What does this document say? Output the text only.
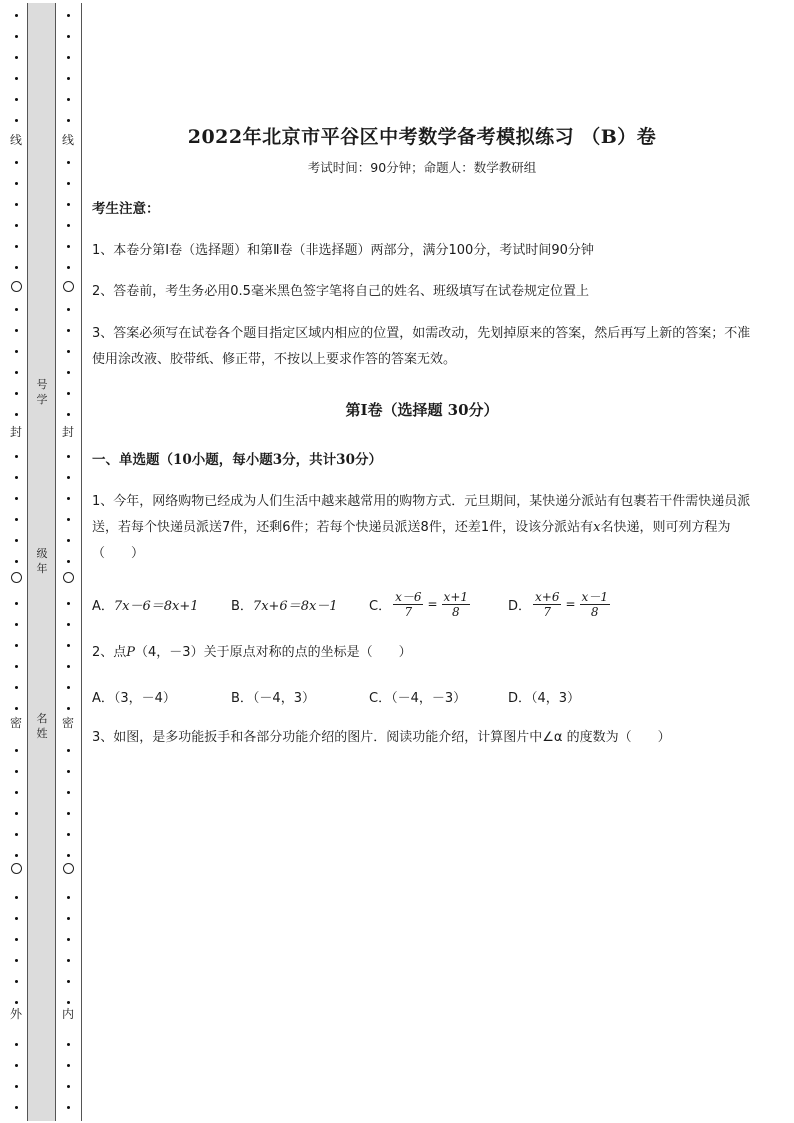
线
封
密
外
号学
级年
名姓
线
封
密
内
2022年北京市平谷区中考数学备考模拟练习 （B）卷
考试时间：90分钟；命题人：数学教研组
考生注意：
1、本卷分第Ⅰ卷（选择题）和第Ⅱ卷（非选择题）两部分，满分100分，考试时间90分钟
2、答卷前，考生务必用0.5毫米黑色签字笔将自己的姓名、班级填写在试卷规定位置上
3、答案必须写在试卷各个题目指定区域内相应的位置，如需改动，先划掉原来的答案，然后再写上新的答案；不准使用涂改液、胶带纸、修正带，不按以上要求作答的答案无效。
第Ⅰ卷（选择题 30分）
一、单选题（10小题，每小题3分，共计30分）
1、今年，网络购物已经成为人们生活中越来越常用的购物方式．元旦期间，某快递分派站有包裹若干件需快递员派送，若每个快递员派送7件，还剩6件；若每个快递员派送8件，还差1件，设该分派站有x名快递，则可列方程为（　　）
A． 7x－6＝8x+1 B． 7x+6＝8x－1 C． $\frac{x-6}{7} = \frac{x+1}{8}$	D． $\frac{x+6}{7} = \frac{x-1}{8}$
2、点P（4，－3）关于原点对称的点的坐标是（　　）
A．（3，－4）	B．（－4，3）	C．（－4，－3）	D．（4，3）
3、如图，是多功能扳手和各部分功能介绍的图片．阅读功能介绍，计算图片中∠α 的度数为（　　）
